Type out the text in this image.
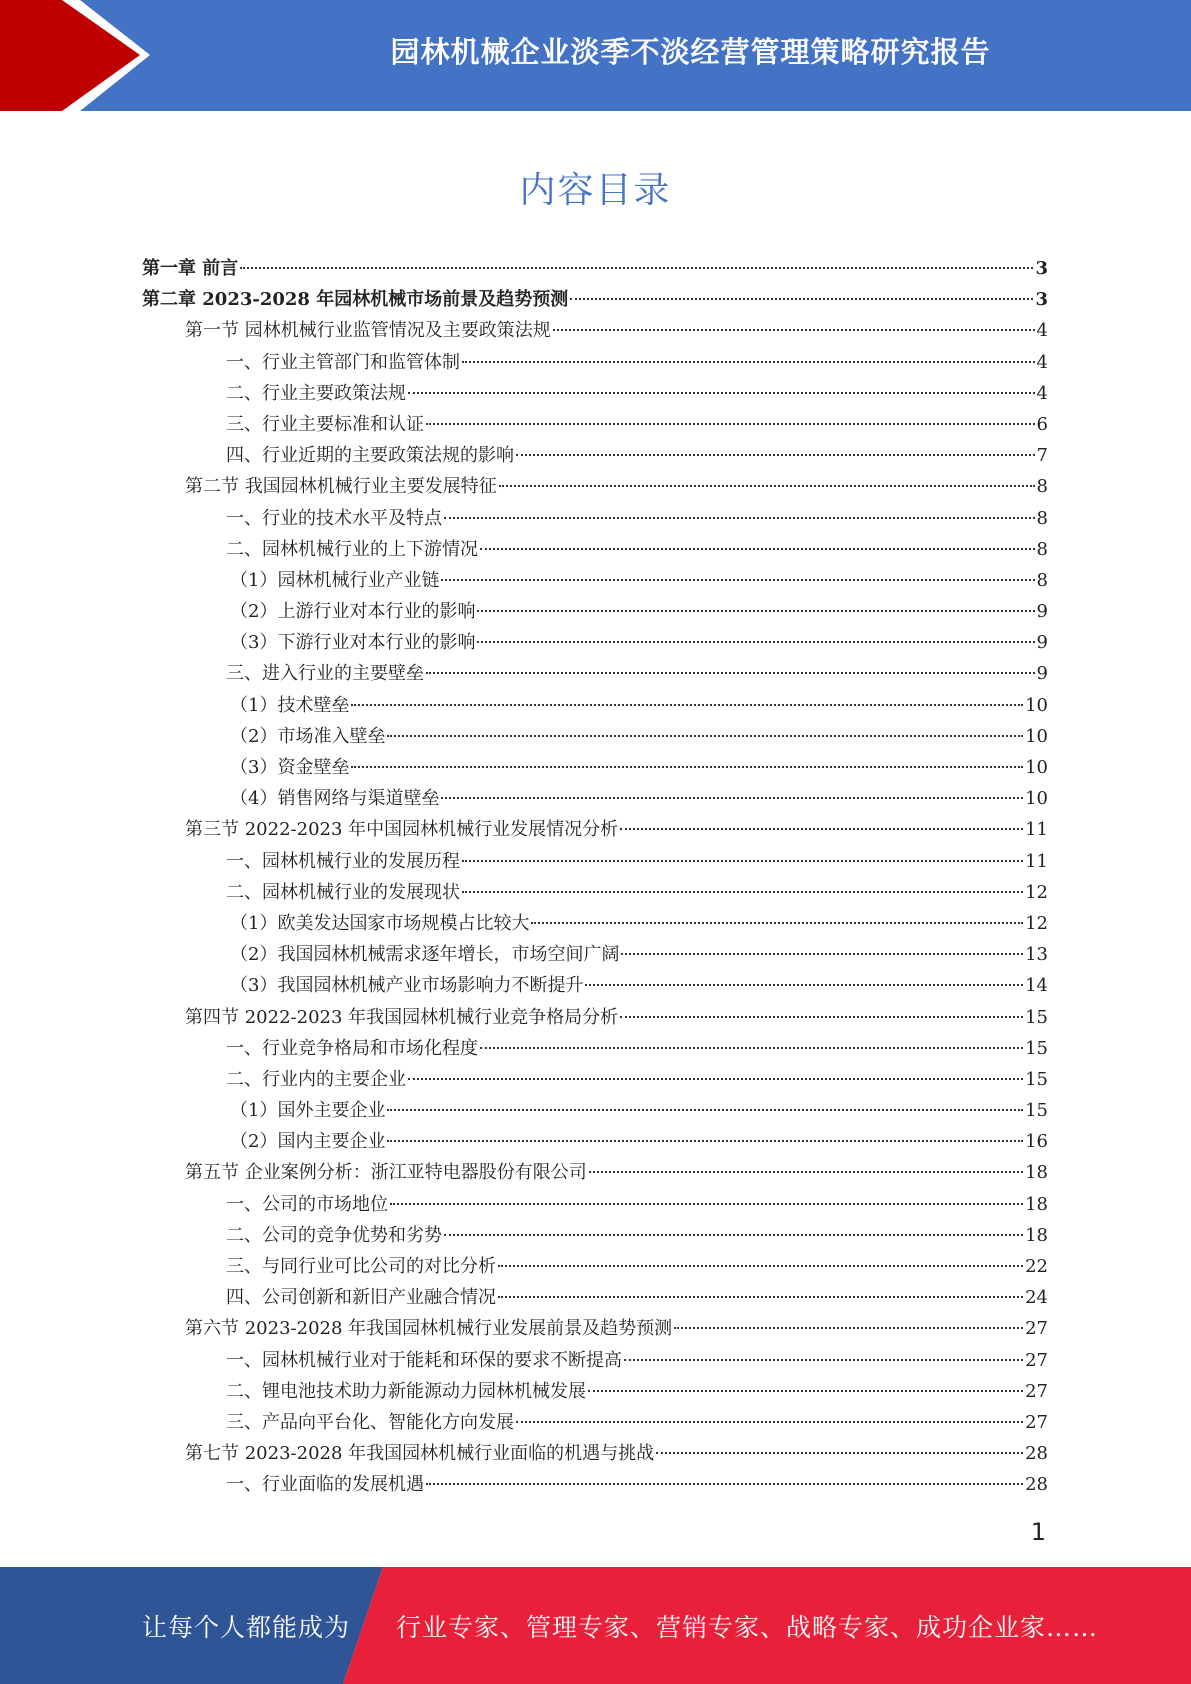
园林机械企业淡季不淡经营管理策略研究报告
内容目录
第一章 前言	3
第二章 2023-2028 年园林机械市场前景及趋势预测	3
第一节 园林机械行业监管情况及主要政策法规	4
一、行业主管部门和监管体制	4
二、行业主要政策法规	4
三、行业主要标准和认证	6
四、行业近期的主要政策法规的影响	7
第二节 我国园林机械行业主要发展特征	8
一、行业的技术水平及特点	8
二、园林机械行业的上下游情况	8
（1）园林机械行业产业链	8
（2）上游行业对本行业的影响	9
（3）下游行业对本行业的影响	9
三、进入行业的主要壁垒	9
（1）技术壁垒	10
（2）市场准入壁垒	10
（3）资金壁垒	10
（4）销售网络与渠道壁垒	10
第三节 2022-2023 年中国园林机械行业发展情况分析	11
一、园林机械行业的发展历程	11
二、园林机械行业的发展现状	12
（1）欧美发达国家市场规模占比较大	12
（2）我国园林机械需求逐年增长，市场空间广阔	13
（3）我国园林机械产业市场影响力不断提升	14
第四节 2022-2023 年我国园林机械行业竞争格局分析	15
一、行业竞争格局和市场化程度	15
二、行业内的主要企业	15
（1）国外主要企业	15
（2）国内主要企业	16
第五节 企业案例分析：浙江亚特电器股份有限公司	18
一、公司的市场地位	18
二、公司的竞争优势和劣势	18
三、与同行业可比公司的对比分析	22
四、公司创新和新旧产业融合情况	24
第六节 2023-2028 年我国园林机械行业发展前景及趋势预测	27
一、园林机械行业对于能耗和环保的要求不断提高	27
二、锂电池技术助力新能源动力园林机械发展	27
三、产品向平台化、智能化方向发展	27
第七节 2023-2028 年我国园林机械行业面临的机遇与挑战	28
一、行业面临的发展机遇	28
1
让每个人都能成为 行业专家、管理专家、营销专家、战略专家、成功企业家……
